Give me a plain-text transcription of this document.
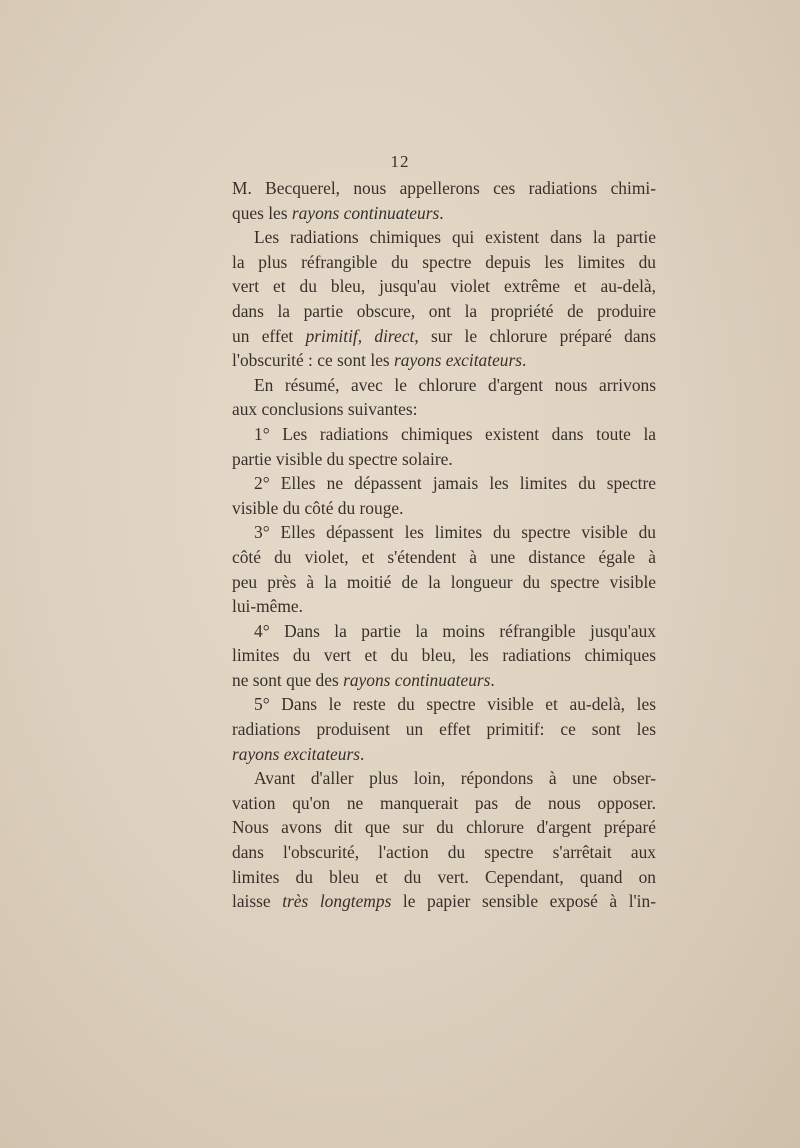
12
M. Becquerel, nous appellerons ces radiations chimi-
ques les rayons continuateurs.
Les radiations chimiques qui existent dans la partie
la plus réfrangible du spectre depuis les limites du
vert et du bleu, jusqu'au violet extrême et au-delà,
dans la partie obscure, ont la propriété de produire
un effet primitif, direct, sur le chlorure préparé dans
l'obscurité : ce sont les rayons excitateurs.
En résumé, avec le chlorure d'argent nous arrivons
aux conclusions suivantes:
1° Les radiations chimiques existent dans toute la
partie visible du spectre solaire.
2° Elles ne dépassent jamais les limites du spectre
visible du côté du rouge.
3° Elles dépassent les limites du spectre visible du
côté du violet, et s'étendent à une distance égale à
peu près à la moitié de la longueur du spectre visible
lui-même.
4° Dans la partie la moins réfrangible jusqu'aux
limites du vert et du bleu, les radiations chimiques
ne sont que des rayons continuateurs.
5° Dans le reste du spectre visible et au-delà, les
radiations produisent un effet primitif: ce sont les
rayons excitateurs.
Avant d'aller plus loin, répondons à une obser-
vation qu'on ne manquerait pas de nous opposer.
Nous avons dit que sur du chlorure d'argent préparé
dans l'obscurité, l'action du spectre s'arrêtait aux
limites du bleu et du vert. Cependant, quand on
laisse très longtemps le papier sensible exposé à l'in-
